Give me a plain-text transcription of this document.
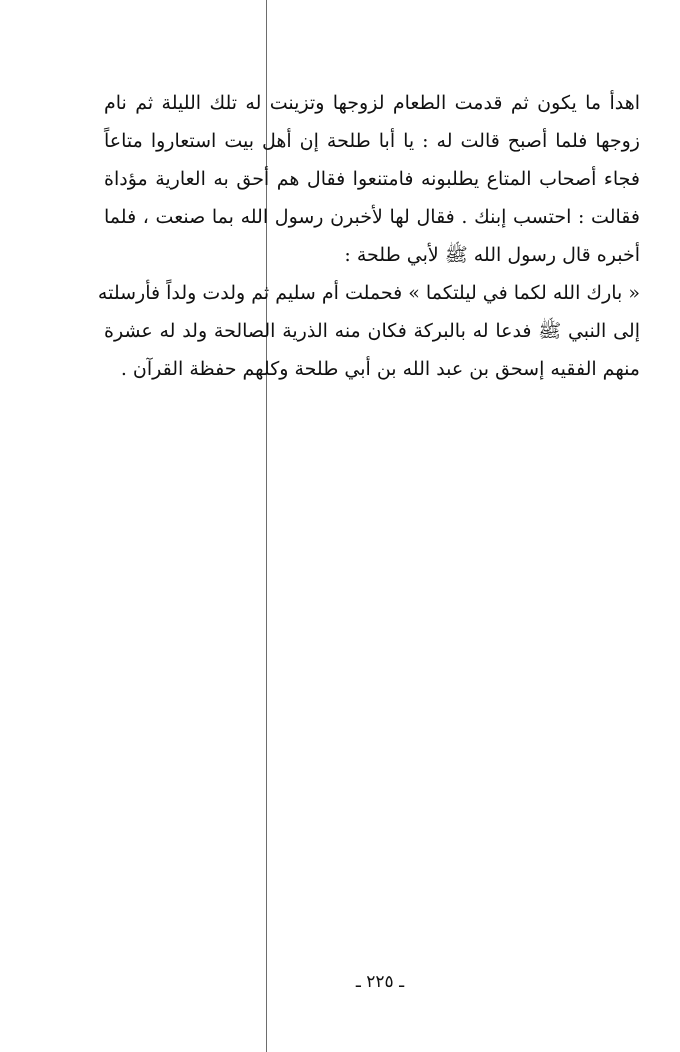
اهدأ ما يكون ثم قدمت الطعام لزوجها وتزينت له تلك الليلة ثم نام
زوجها فلما أصبح قالت له : يا أبا طلحة إن أهل بيت استعاروا متاعاً
فجاء أصحاب المتاع يطلبونه فامتنعوا فقال هم أحق به العارية مؤداة
فقالت : احتسب إبنك . فقال لها لأخبرن رسول الله بما صنعت ، فلما
أخبره قال رسول الله ﷺ لأبي طلحة :
« بارك الله لكما في ليلتكما » فحملت أم سليم ثم ولدت ولداً فأرسلته
إلى النبي ﷺ فدعا له بالبركة فكان منه الذرية الصالحة ولد له عشرة
منهم الفقيه إسحق بن عبد الله بن أبي طلحة وكلهم حفظة القرآن .
ـ ٢٢٥ ـ
